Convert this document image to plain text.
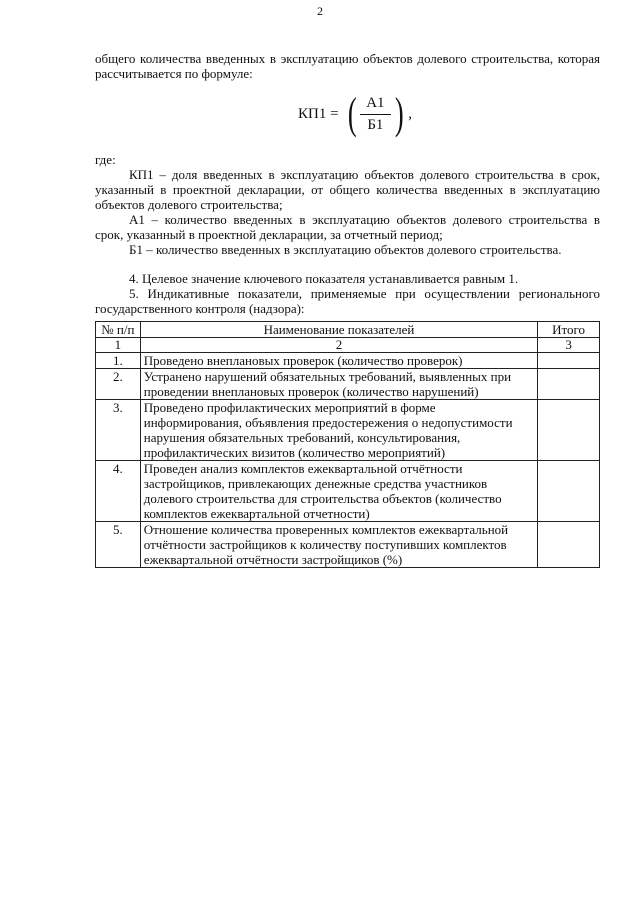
2
общего количества введенных в эксплуатацию объектов долевого строительства, которая рассчитывается по формуле:
КП1 = ( $\frac{А1}{Б1}$ ) ,
где:
КП1 – доля введенных в эксплуатацию объектов долевого строительства в срок, указанный в проектной декларации, от общего количества введенных в эксплуатацию объектов долевого строительства;
А1 – количество введенных в эксплуатацию объектов долевого строительства в срок, указанный в проектной декларации, за отчетный период;
Б1 – количество введенных в эксплуатацию объектов долевого строительства.
4. Целевое значение ключевого показателя устанавливается равным 1.
5. Индикативные показатели, применяемые при осуществлении регионального государственного контроля (надзора):
№ п/п	Наименование показателей	Итого
1	2	3
1.	Проведено внеплановых проверок (количество проверок)	
2.	Устранено нарушений обязательных требований, выявленных при проведении внеплановых проверок (количество нарушений)	
3.	Проведено профилактических мероприятий в форме информирования, объявления предостережения о недопустимости нарушения обязательных требований, консультирования, профилактических визитов (количество мероприятий)	
4.	Проведен анализ комплектов ежеквартальной отчётности застройщиков, привлекающих денежные средства участников долевого строительства для строительства объектов (количество комплектов ежеквартальной отчетности)	
5.	Отношение количества проверенных комплектов ежеквартальной отчётности застройщиков к количеству поступивших комплектов ежеквартальной отчётности застройщиков (%)	
